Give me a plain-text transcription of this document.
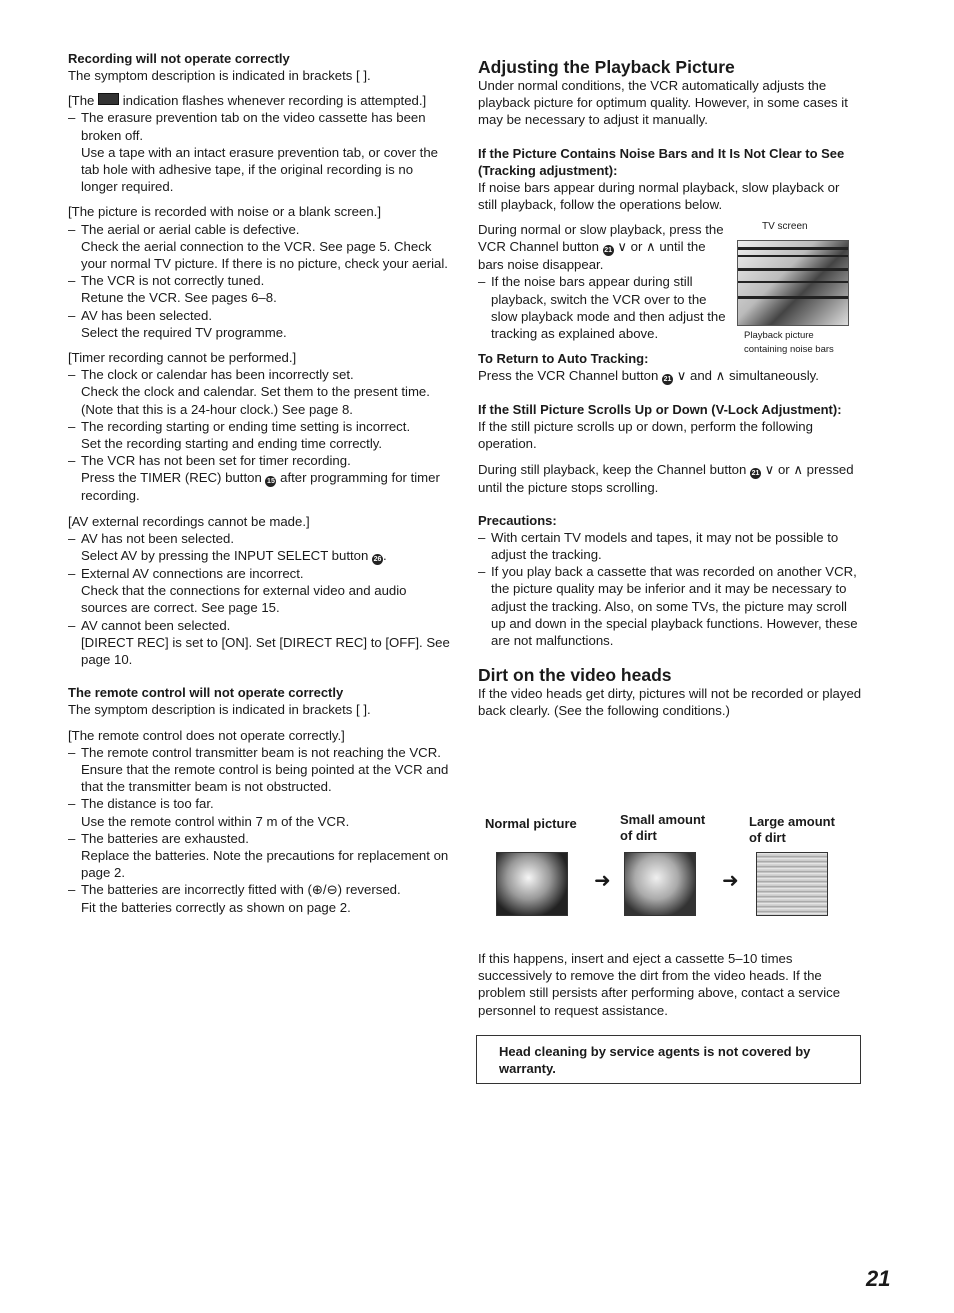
Recording will not operate correctly

The symptom description is indicated in brackets [ ].

[The indication flashes whenever recording is attempted.]

– The erasure prevention tab on the video cassette has been broken off.
Use a tape with an intact erasure prevention tab, or cover the tab hole with adhesive tape, if the original recording is no longer required.

[The picture is recorded with noise or a blank screen.]

– The aerial or aerial cable is defective.
Check the aerial connection to the VCR. See page 5. Check your normal TV picture. If there is no picture, check your aerial.
– The VCR is not correctly tuned.
Retune the VCR. See pages 6–8.
– AV has been selected.
Select the required TV programme.

[Timer recording cannot be performed.]

– The clock or calendar has been incorrectly set.
Check the clock and calendar. Set them to the present time. (Note that this is a 24-hour clock.) See page 8.
– The recording starting or ending time setting is incorrect.
Set the recording starting and ending time correctly.
– The VCR has not been set for timer recording.
Press the TIMER (REC) button 15 after programming for timer recording.

[AV external recordings cannot be made.]

– AV has not been selected.
Select AV by pressing the INPUT SELECT button 26 .
– External AV connections are incorrect.
Check that the connections for external video and audio sources are correct. See page 15.
– AV cannot been selected.
[DIRECT REC] is set to [ON]. Set [DIRECT REC] to [OFF]. See page 10.

The remote control will not operate correctly

The symptom description is indicated in brackets [ ].

[The remote control does not operate correctly.]

– The remote control transmitter beam is not reaching the VCR.
Ensure that the remote control is being pointed at the VCR and that the transmitter beam is not obstructed.
– The distance is too far.
Use the remote control within 7 m of the VCR.
– The batteries are exhausted.
Replace the batteries. Note the precautions for replacement on page 2.
– The batteries are incorrectly fitted with (⊕/⊖) reversed.
Fit the batteries correctly as shown on page 2.

Adjusting the Playback Picture

Under normal conditions, the VCR automatically adjusts the playback picture for optimum quality. However, in some cases it may be necessary to adjust it manually.

If the Picture Contains Noise Bars and It Is Not Clear to See (Tracking adjustment):

If noise bars appear during normal playback, slow playback or still playback, follow the operations below.

During normal or slow playback, press the VCR Channel button 21 ∨ or ∧ until the bars noise disappear.

– If the noise bars appear during still playback, switch the VCR over to the slow playback mode and then adjust the tracking as explained above.

To Return to Auto Tracking:

Press the VCR Channel button 21 ∨ and ∧ simultaneously.

If the Still Picture Scrolls Up or Down (V-Lock Adjustment):

If the still picture scrolls up or down, perform the following operation.

During still playback, keep the Channel button 21 ∨ or ∧ pressed until the picture stops scrolling.

Precautions:

– With certain TV models and tapes, it may not be possible to adjust the tracking.
– If you play back a cassette that was recorded on another VCR, the picture quality may be inferior and it may be necessary to adjust the tracking. Also, on some TVs, the picture may scroll up and down in the special playback functions. However, these are not malfunctions.

Dirt on the video heads

If the video heads get dirty, pictures will not be recorded or played back clearly. (See the following conditions.)

TV screen
Playback picture containing noise bars
Normal picture	Small amount of dirt
Large amount of dirt
➜	➜

If this happens, insert and eject a cassette 5–10 times successively to remove the dirt from the video heads. If the problem still persists after performing above, contact a service personnel to request assistance.

Head cleaning by service agents is not covered by warranty.

21
